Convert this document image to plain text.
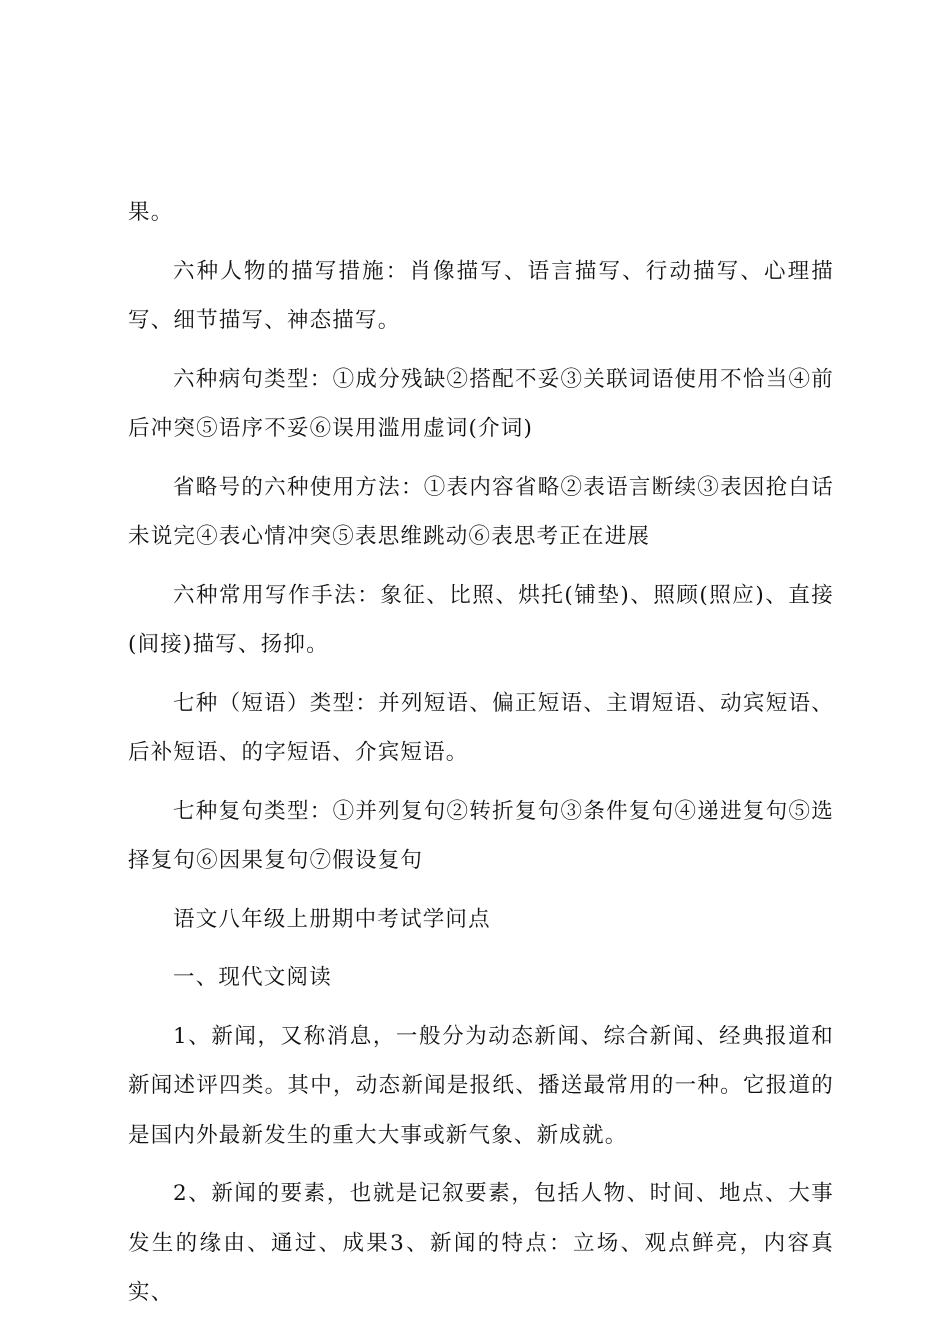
果。

六种人物的描写措施：肖像描写、语言描写、行动描写、心理描写、细节描写、神态描写。

六种病句类型：①成分残缺②搭配不妥③关联词语使用不恰当④前后冲突⑤语序不妥⑥误用滥用虚词(介词)

省略号的六种使用方法：①表内容省略②表语言断续③表因抢白话未说完④表心情冲突⑤表思维跳动⑥表思考正在进展

六种常用写作手法：象征、比照、烘托(铺垫)、照顾(照应)、直接(间接)描写、扬抑。

七种（短语）类型：并列短语、偏正短语、主谓短语、动宾短语、后补短语、的字短语、介宾短语。

七种复句类型：①并列复句②转折复句③条件复句④递进复句⑤选择复句⑥因果复句⑦假设复句

语文八年级上册期中考试学问点

一、现代文阅读

1、新闻，又称消息，一般分为动态新闻、综合新闻、经典报道和新闻述评四类。其中，动态新闻是报纸、播送最常用的一种。它报道的是国内外最新发生的重大大事或新气象、新成就。

2、新闻的要素，也就是记叙要素，包括人物、时间、地点、大事发生的缘由、通过、成果3、新闻的特点：立场、观点鲜亮，内容真实、
